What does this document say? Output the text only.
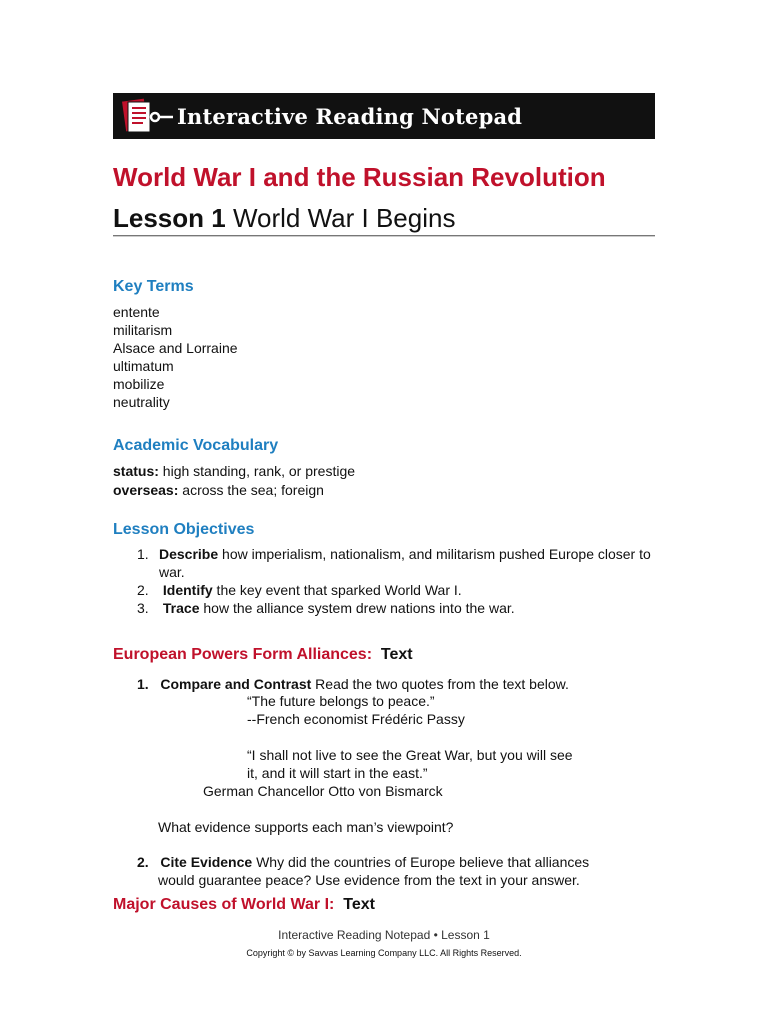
Interactive Reading Notepad
World War I and the Russian Revolution
Lesson 1 World War I Begins
Key Terms
entente
militarism
Alsace and Lorraine
ultimatum
mobilize
neutrality
Academic Vocabulary
status: high standing, rank, or prestige
overseas: across the sea; foreign
Lesson Objectives
1. Describe how imperialism, nationalism, and militarism pushed Europe closer to war.
2.	Identify the key event that sparked World War I.
3.	Trace how the alliance system drew nations into the war.
European Powers Form Alliances: Text
1. Compare and Contrast Read the two quotes from the text below.
“The future belongs to peace.”
--French economist Frédéric Passy
“I shall not live to see the Great War, but you will see
it, and it will start in the east.”
German Chancellor Otto von Bismarck
What evidence supports each man’s viewpoint?
2. Cite Evidence Why did the countries of Europe believe that alliances
would guarantee peace? Use evidence from the text in your answer.
Major Causes of World War I: Text
Interactive Reading Notepad • Lesson 1
Copyright © by Savvas Learning Company LLC. All Rights Reserved.
